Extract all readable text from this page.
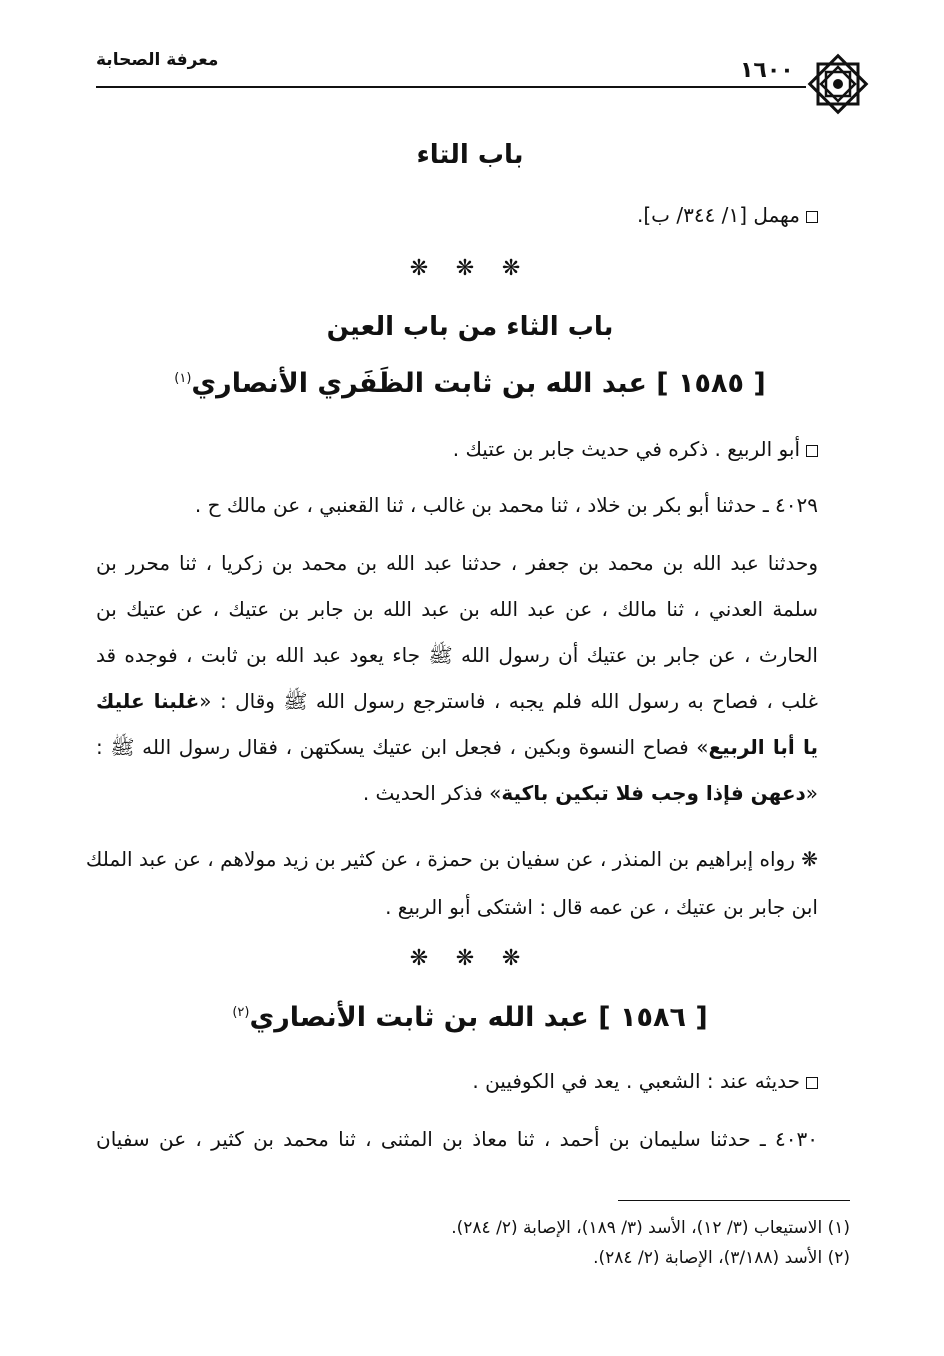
معرفة الصحابة	١٦٠٠
باب التاء
مهمل [١/ ٣٤٤/ ب].
❋ ❋ ❋
باب الثاء من باب العين
[ ١٥٨٥ ] عبد الله بن ثابت الظَفَري الأنصاري$^{(١)}$
أبو الربيع . ذكره في حديث جابر بن عتيك .
٤٠٢٩ ـ حدثنا أبو بكر بن خلاد ، ثنا محمد بن غالب ، ثنا القعنبي ، عن مالك ح .
وحدثنا عبد الله بن محمد بن جعفر ، حدثنا عبد الله بن محمد بن زكريا ، ثنا محرر بن
سلمة العدني ، ثنا مالك ، عن عبد الله بن عبد الله بن جابر بن عتيك ، عن عتيك بن
الحارث ، عن جابر بن عتيك أن رسول الله ﷺ جاء يعود عبد الله بن ثابت ، فوجده قد
غلب ، فصاح به رسول الله فلم يجبه ، فاسترجع رسول الله ﷺ وقال : «غلبنا عليك
يا أبا الربيع» فصاح النسوة وبكين ، فجعل ابن عتيك يسكتهن ، فقال رسول الله ﷺ :
«دعهن فإذا وجب فلا تبكين باكية» فذكر الحديث .
❋ رواه إبراهيم بن المنذر ، عن سفيان بن حمزة ، عن كثير بن زيد مولاهم ، عن عبد الملك
ابن جابر بن عتيك ، عن عمه قال : اشتكى أبو الربيع .
❋ ❋ ❋
[ ١٥٨٦ ] عبد الله بن ثابت الأنصاري$^{(٢)}$
حديثه عند : الشعبي . يعد في الكوفيين .
٤٠٣٠ ـ حدثنا سليمان بن أحمد ، ثنا معاذ بن المثنى ، ثنا محمد بن كثير ، عن سفيان
(١) الاستيعاب (٣/ ١٢)، الأسد (٣/ ١٨٩)، الإصابة (٢/ ٢٨٤).
(٢) الأسد (٣/١٨٨)، الإصابة (٢/ ٢٨٤).
